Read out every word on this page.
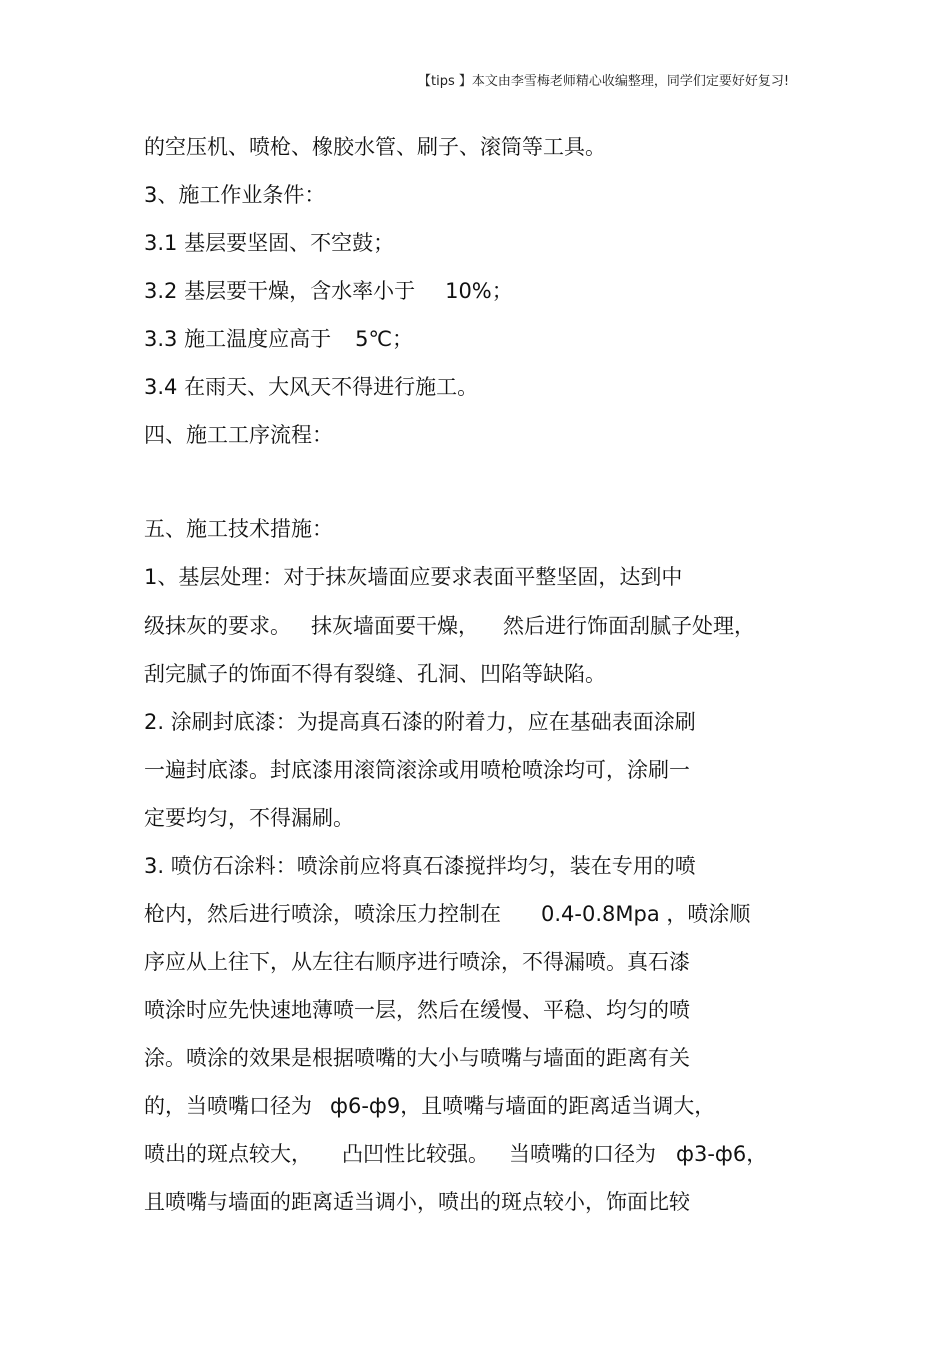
【tips 】本文由李雪梅老师精心收编整理，同学们定要好好复习!
的空压机、喷枪、橡胶水管、刷子、滚筒等工具。
3、施工作业条件：
3.1 基层要坚固、不空鼓；
3.2 基层要干燥，含水率小于 10%；
3.3 施工温度应高于 5℃；
3.4 在雨天、大风天不得进行施工。
四、施工工序流程：
五、施工技术措施：
1、基层处理：对于抹灰墙面应要求表面平整坚固，达到中
级抹灰的要求。 抹灰墙面要干燥， 然后进行饰面刮腻子处理，
刮完腻子的饰面不得有裂缝、孔洞、凹陷等缺陷。
2. 涂刷封底漆：为提高真石漆的附着力，应在基础表面涂刷
一遍封底漆。封底漆用滚筒滚涂或用喷枪喷涂均可，涂刷一
定要均匀，不得漏刷。
3. 喷仿石涂料：喷涂前应将真石漆搅拌均匀，装在专用的喷
枪内，然后进行喷涂，喷涂压力控制在 0.4-0.8Mpa ，喷涂顺
序应从上往下，从左往右顺序进行喷涂，不得漏喷。真石漆
喷涂时应先快速地薄喷一层，然后在缓慢、平稳、均匀的喷
涂。喷涂的效果是根据喷嘴的大小与喷嘴与墙面的距离有关
的，当喷嘴口径为 ф6-ф9，且喷嘴与墙面的距离适当调大，
喷出的斑点较大， 凸凹性比较强。 当喷嘴的口径为 ф3-ф6，
且喷嘴与墙面的距离适当调小，喷出的斑点较小，饰面比较
